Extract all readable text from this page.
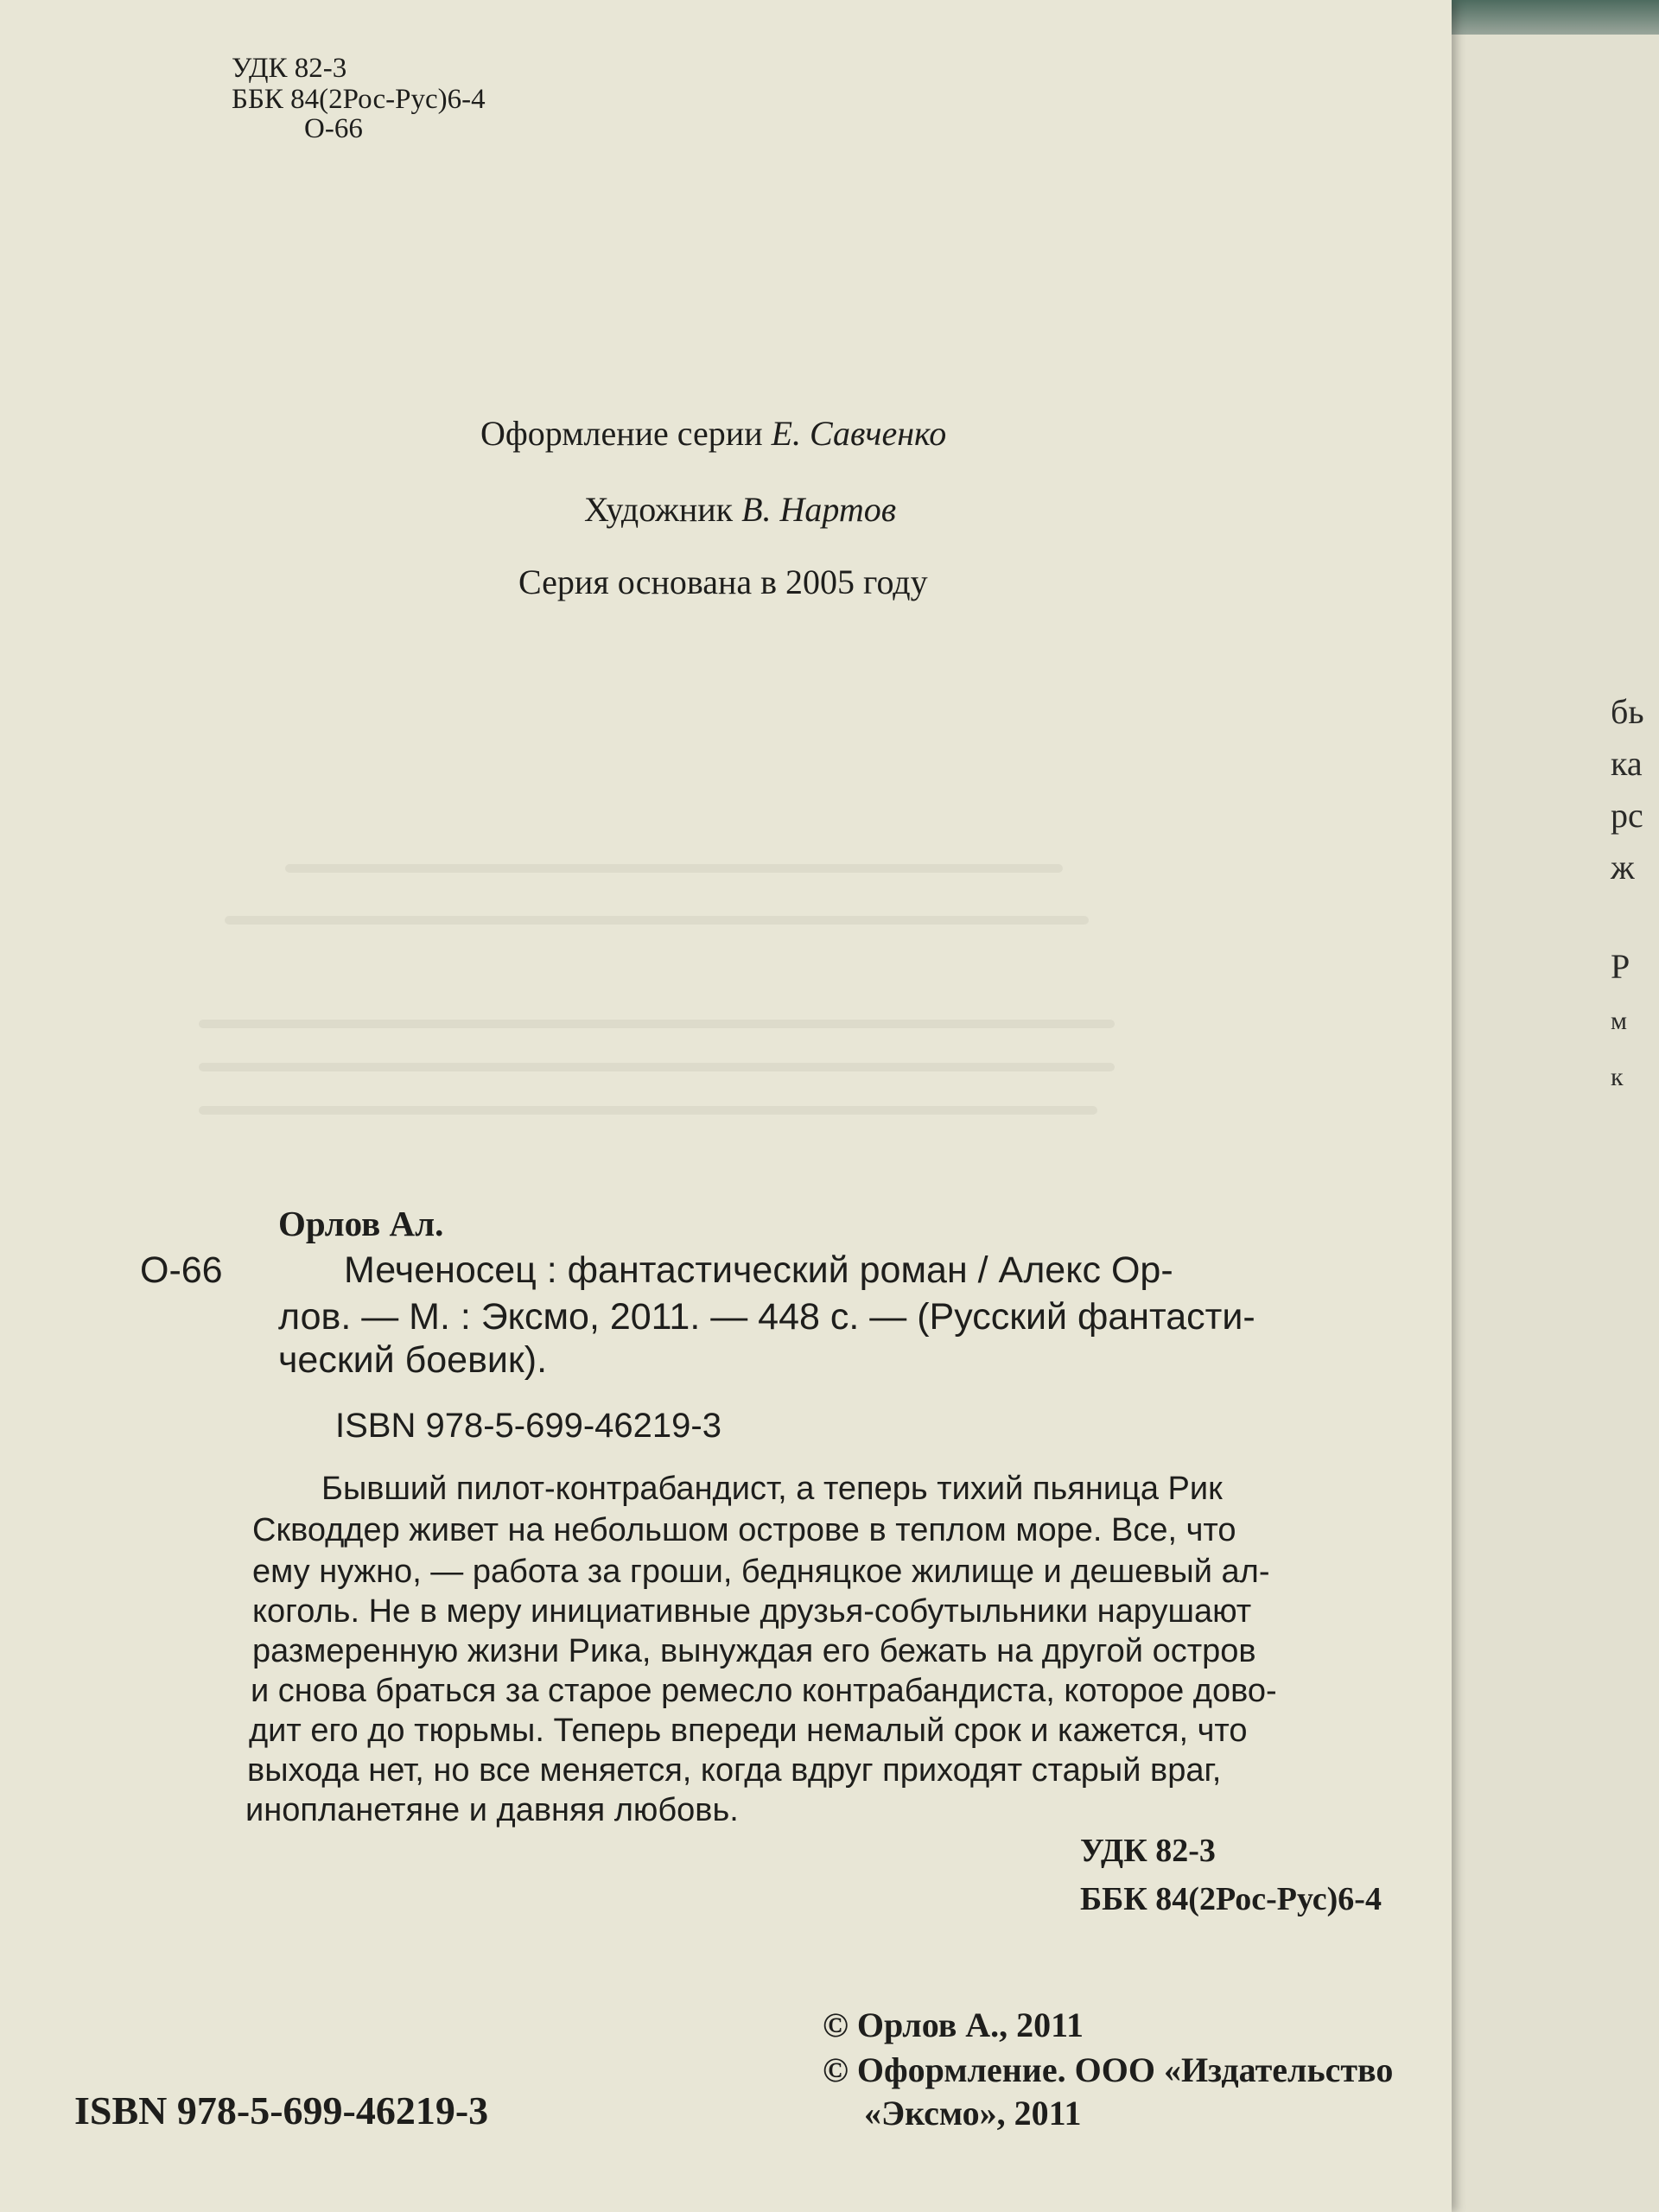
бь
ка
рс
ж
Р
м
к
УДК 82-3
ББК 84(2Рос-Рус)6-4
О-66
Оформление серии Е. Савченко
Художник В. Нартов
Серия основана в 2005 году
Орлов Ал.
О-66	Меченосец : фантастический роман / Алекс Ор-
лов. — М. : Эксмо, 2011. — 448 с. — (Русский фантасти-
ческий боевик).
ISBN 978-5-699-46219-3
Бывший пилот-контрабандист, а теперь тихий пьяница Рик
Скводдер живет на небольшом острове в теплом море. Все, что
ему нужно, — работа за гроши, бедняцкое жилище и дешевый ал-
коголь. Не в меру инициативные друзья-собутыльники нарушают
размеренную жизни Рика, вынуждая его бежать на другой остров
и снова браться за старое ремесло контрабандиста, которое дово-
дит его до тюрьмы. Теперь впереди немалый срок и кажется, что
выхода нет, но все меняется, когда вдруг приходят старый враг,
инопланетяне и давняя любовь.
УДК 82-3
ББК 84(2Рос-Рус)6-4
© Орлов А., 2011
© Оформление. ООО «Издательство
«Эксмо», 2011
ISBN 978-5-699-46219-3
